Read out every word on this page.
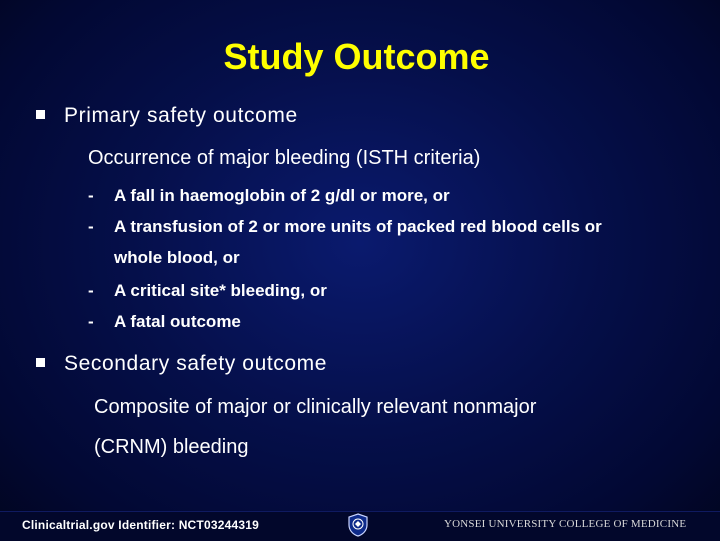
Study Outcome
Primary safety outcome
Occurrence of major bleeding (ISTH criteria)
- A fall in haemoglobin of 2 g/dl or more, or
- A transfusion of 2 or more units of packed red blood cells or
whole blood, or
- A critical site* bleeding, or
- A fatal outcome
Secondary safety outcome
Composite of major or clinically relevant nonmajor
(CRNM) bleeding
Clinicaltrial.gov Identifier: NCT03244319	YONSEI UNIVERSITY COLLEGE OF MEDICINE
